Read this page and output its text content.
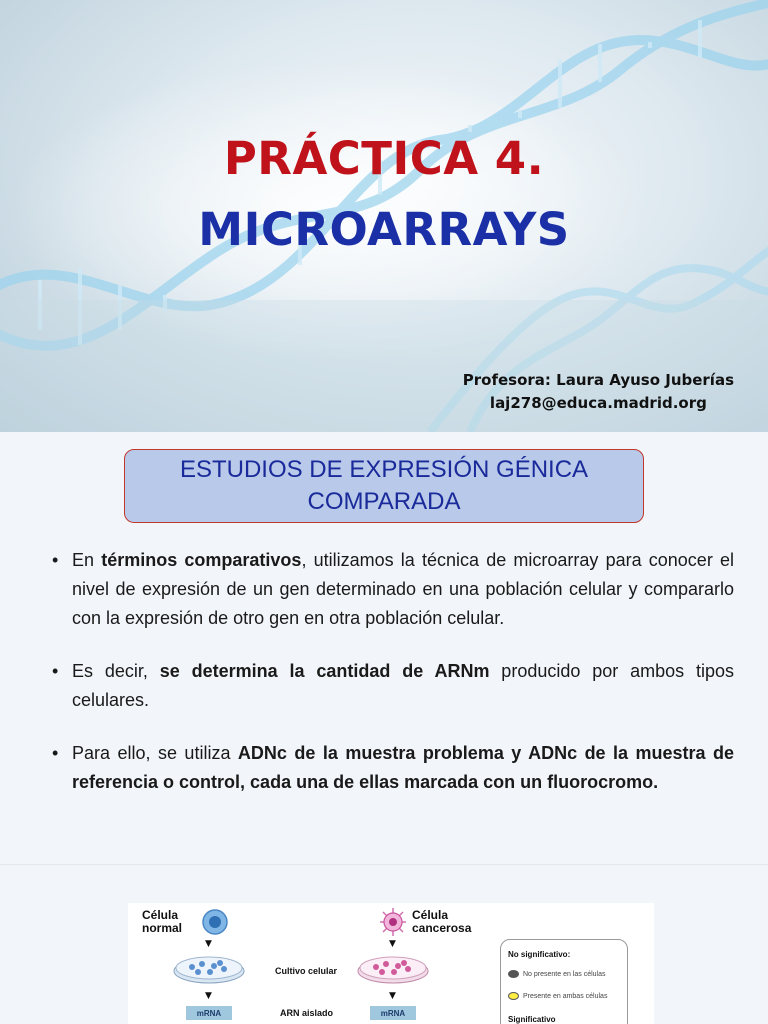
PRÁCTICA 4.
MICROARRAYS
Profesora: Laura Ayuso Juberías
laj278@educa.madrid.org
ESTUDIOS DE EXPRESIÓN GÉNICA
COMPARADA

• En términos comparativos, utilizamos la técnica de microarray para conocer el nivel de expresión de un gen determinado en una población celular y compararlo con la expresión de otro gen en otra población celular.

• Es decir, se determina la cantidad de ARNm producido por ambos tipos celulares.

• Para ello, se utiliza ADNc de la muestra problema y ADNc de la muestra de referencia o control, cada una de ellas marcada con un fluorocromo.

Célula
normal
▼
Célula
cancerosa
▼
Cultivo celular
▼	▼
mRNA	ARN aislado	mRNA
No significativo:
No presente en las células
Presente en ambas células
Significativo
